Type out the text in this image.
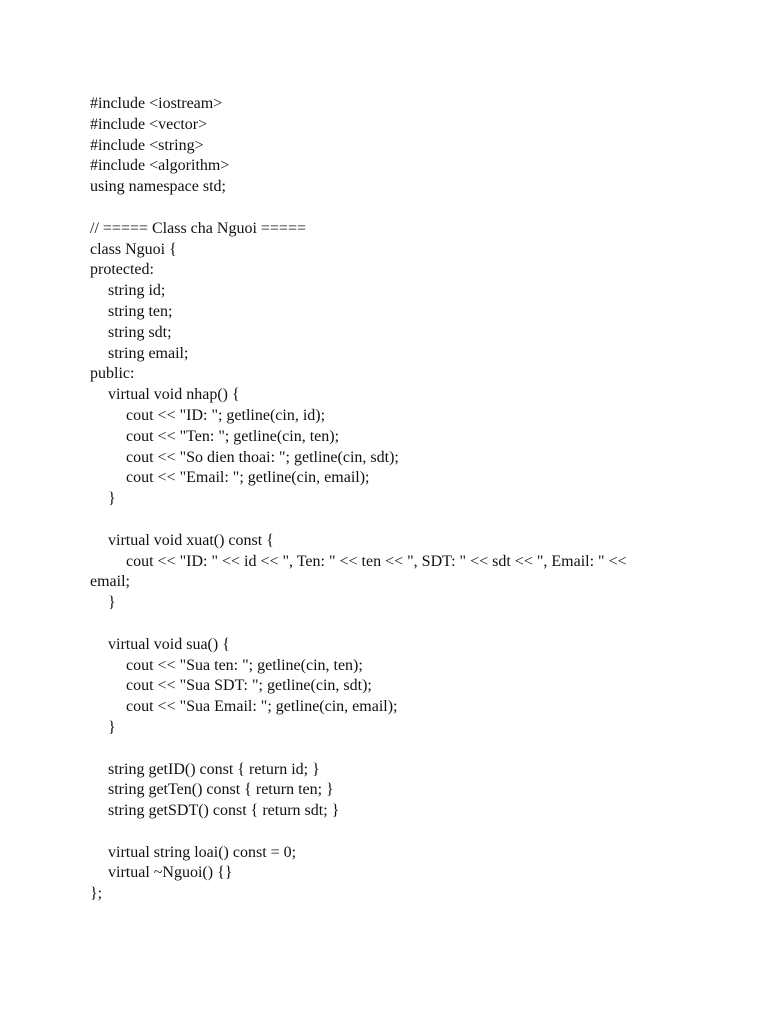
#include <iostream>
#include <vector>
#include <string>
#include <algorithm>
using namespace std;
// ===== Class cha Nguoi =====
class Nguoi {
protected:
string id;
string ten;
string sdt;
string email;
public:
virtual void nhap() {
cout << "ID: "; getline(cin, id);
cout << "Ten: "; getline(cin, ten);
cout << "So dien thoai: "; getline(cin, sdt);
cout << "Email: "; getline(cin, email);
}
virtual void xuat() const {
cout << "ID: " << id << ", Ten: " << ten << ", SDT: " << sdt << ", Email: " <<
email;
}
virtual void sua() {
cout << "Sua ten: "; getline(cin, ten);
cout << "Sua SDT: "; getline(cin, sdt);
cout << "Sua Email: "; getline(cin, email);
}
string getID() const { return id; }
string getTen() const { return ten; }
string getSDT() const { return sdt; }
virtual string loai() const = 0;
virtual ~Nguoi() {}
};
